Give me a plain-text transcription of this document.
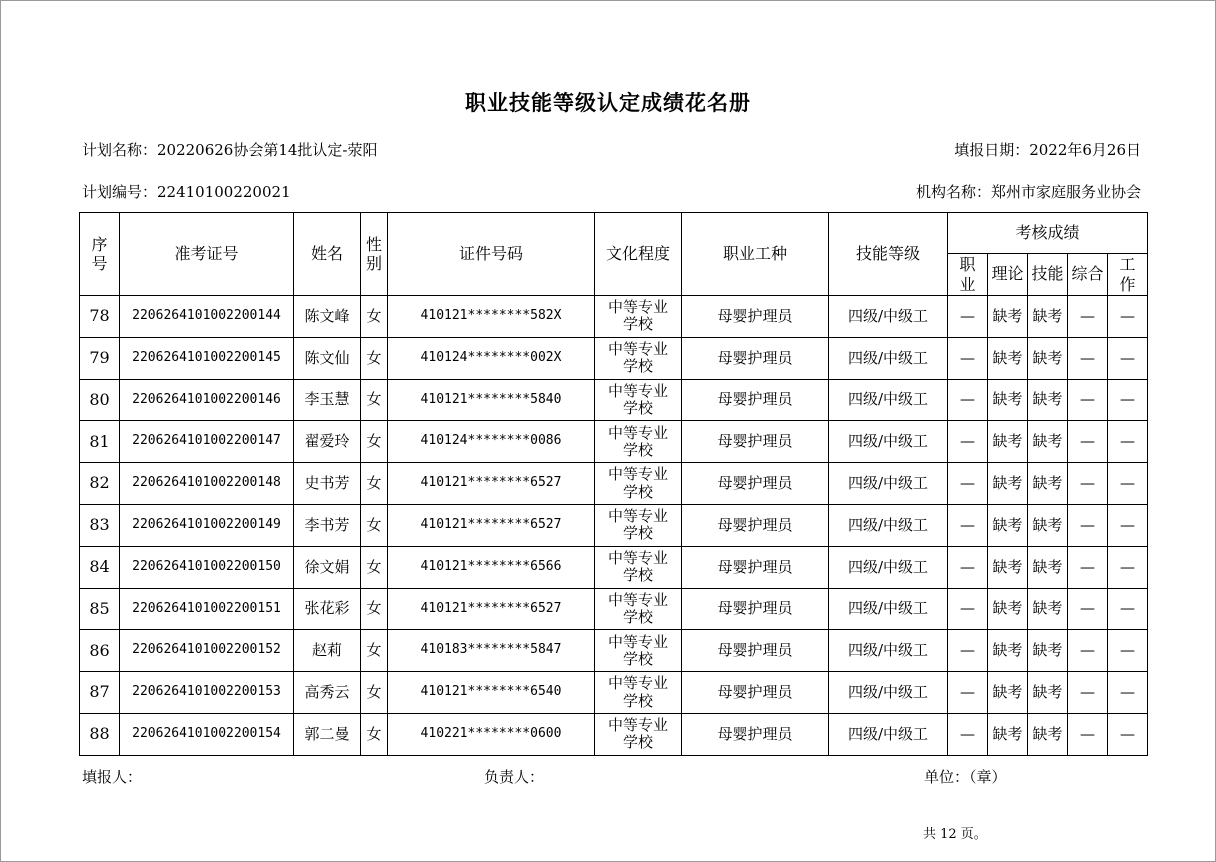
职业技能等级认定成绩花名册
计划名称：20220626协会第14批认定-荥阳	填报日期：2022年6月26日
计划编号：22410100220021	机构名称：郑州市家庭服务业协会
序号	准考证号	姓名	性别	证件号码	文化程度	职业工种	技能等级	考核成绩				

								职业	理论	技能	综合	工作

78	2206264101002200144	陈文峰	女	410121********582X	中等专业学校	母婴护理员	四级/中级工	—	缺考	缺考	—	—
79	2206264101002200145	陈文仙	女	410124********002X	中等专业学校	母婴护理员	四级/中级工	—	缺考	缺考	—	—
80	2206264101002200146	李玉慧	女	410121********5840	中等专业学校	母婴护理员	四级/中级工	—	缺考	缺考	—	—
81	2206264101002200147	翟爱玲	女	410124********0086	中等专业学校	母婴护理员	四级/中级工	—	缺考	缺考	—	—
82	2206264101002200148	史书芳	女	410121********6527	中等专业学校	母婴护理员	四级/中级工	—	缺考	缺考	—	—
83	2206264101002200149	李书芳	女	410121********6527	中等专业学校	母婴护理员	四级/中级工	—	缺考	缺考	—	—
84	2206264101002200150	徐文娟	女	410121********6566	中等专业学校	母婴护理员	四级/中级工	—	缺考	缺考	—	—
85	2206264101002200151	张花彩	女	410121********6527	中等专业学校	母婴护理员	四级/中级工	—	缺考	缺考	—	—
86	2206264101002200152	赵莉	女	410183********5847	中等专业学校	母婴护理员	四级/中级工	—	缺考	缺考	—	—
87	2206264101002200153	高秀云	女	410121********6540	中等专业学校	母婴护理员	四级/中级工	—	缺考	缺考	—	—
88	2206264101002200154	郭二曼	女	410221********0600	中等专业学校	母婴护理员	四级/中级工	—	缺考	缺考	—	—
填报人：	负责人：	单位：（章）
共 12 页。
